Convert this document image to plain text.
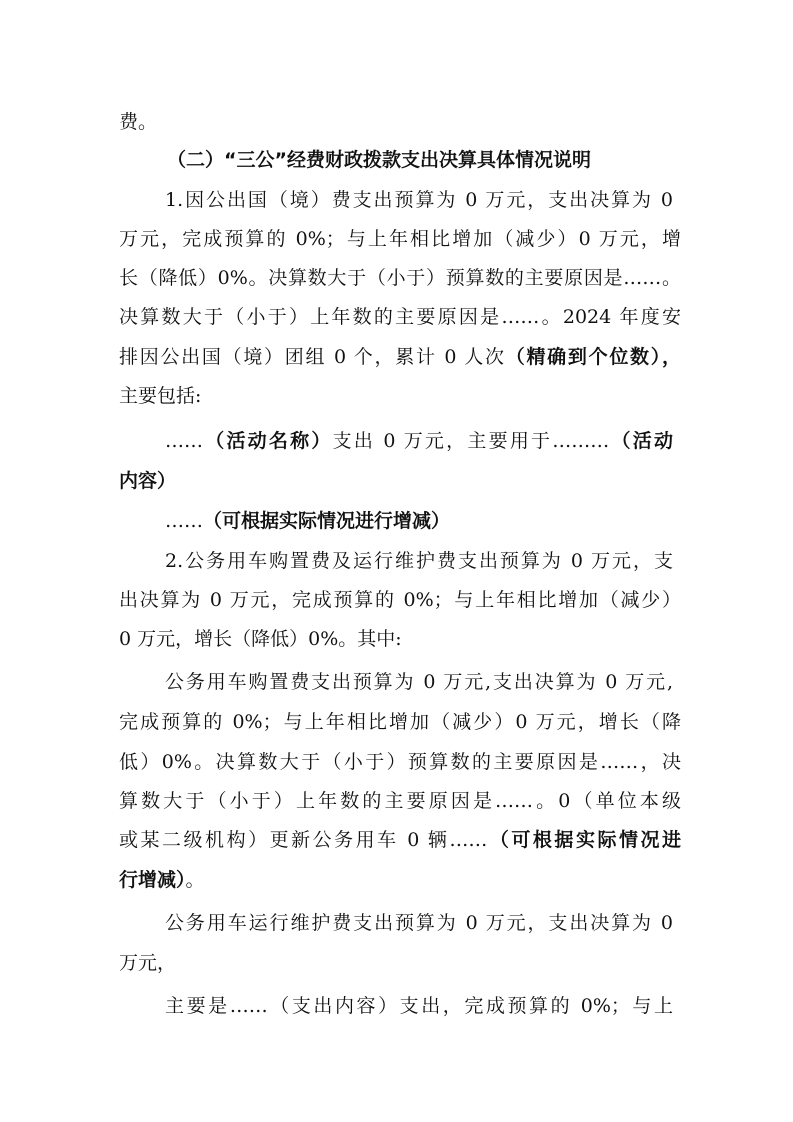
费。
（二）“三公”经费财政拨款支出决算具体情况说明
1.因公出国（境）费支出预算为 0 万元，支出决算为 0
万元，完成预算的 0%；与上年相比增加（减少）0 万元，增
长（降低）0%。决算数大于（小于）预算数的主要原因是……。
决算数大于（小于）上年数的主要原因是……。2024 年度安
排因公出国（境）团组 0 个，累计 0 人次（精确到个位数），
主要包括:
……（活动名称）支出 0 万元，主要用于………（活动
内容）
……（可根据实际情况进行增减）
2.公务用车购置费及运行维护费支出预算为 0 万元，支
出决算为 0 万元，完成预算的 0%；与上年相比增加（减少）
0 万元，增长（降低）0%。其中:
公务用车购置费支出预算为 0 万元,支出决算为 0 万元,
完成预算的 0%；与上年相比增加（减少）0 万元，增长（降
低）0%。决算数大于（小于）预算数的主要原因是……，决
算数大于（小于）上年数的主要原因是……。0（单位本级
或某二级机构）更新公务用车 0 辆……（可根据实际情况进
行增减）。
公务用车运行维护费支出预算为 0 万元，支出决算为 0
万元，
主要是……（支出内容）支出，完成预算的 0%；与上
